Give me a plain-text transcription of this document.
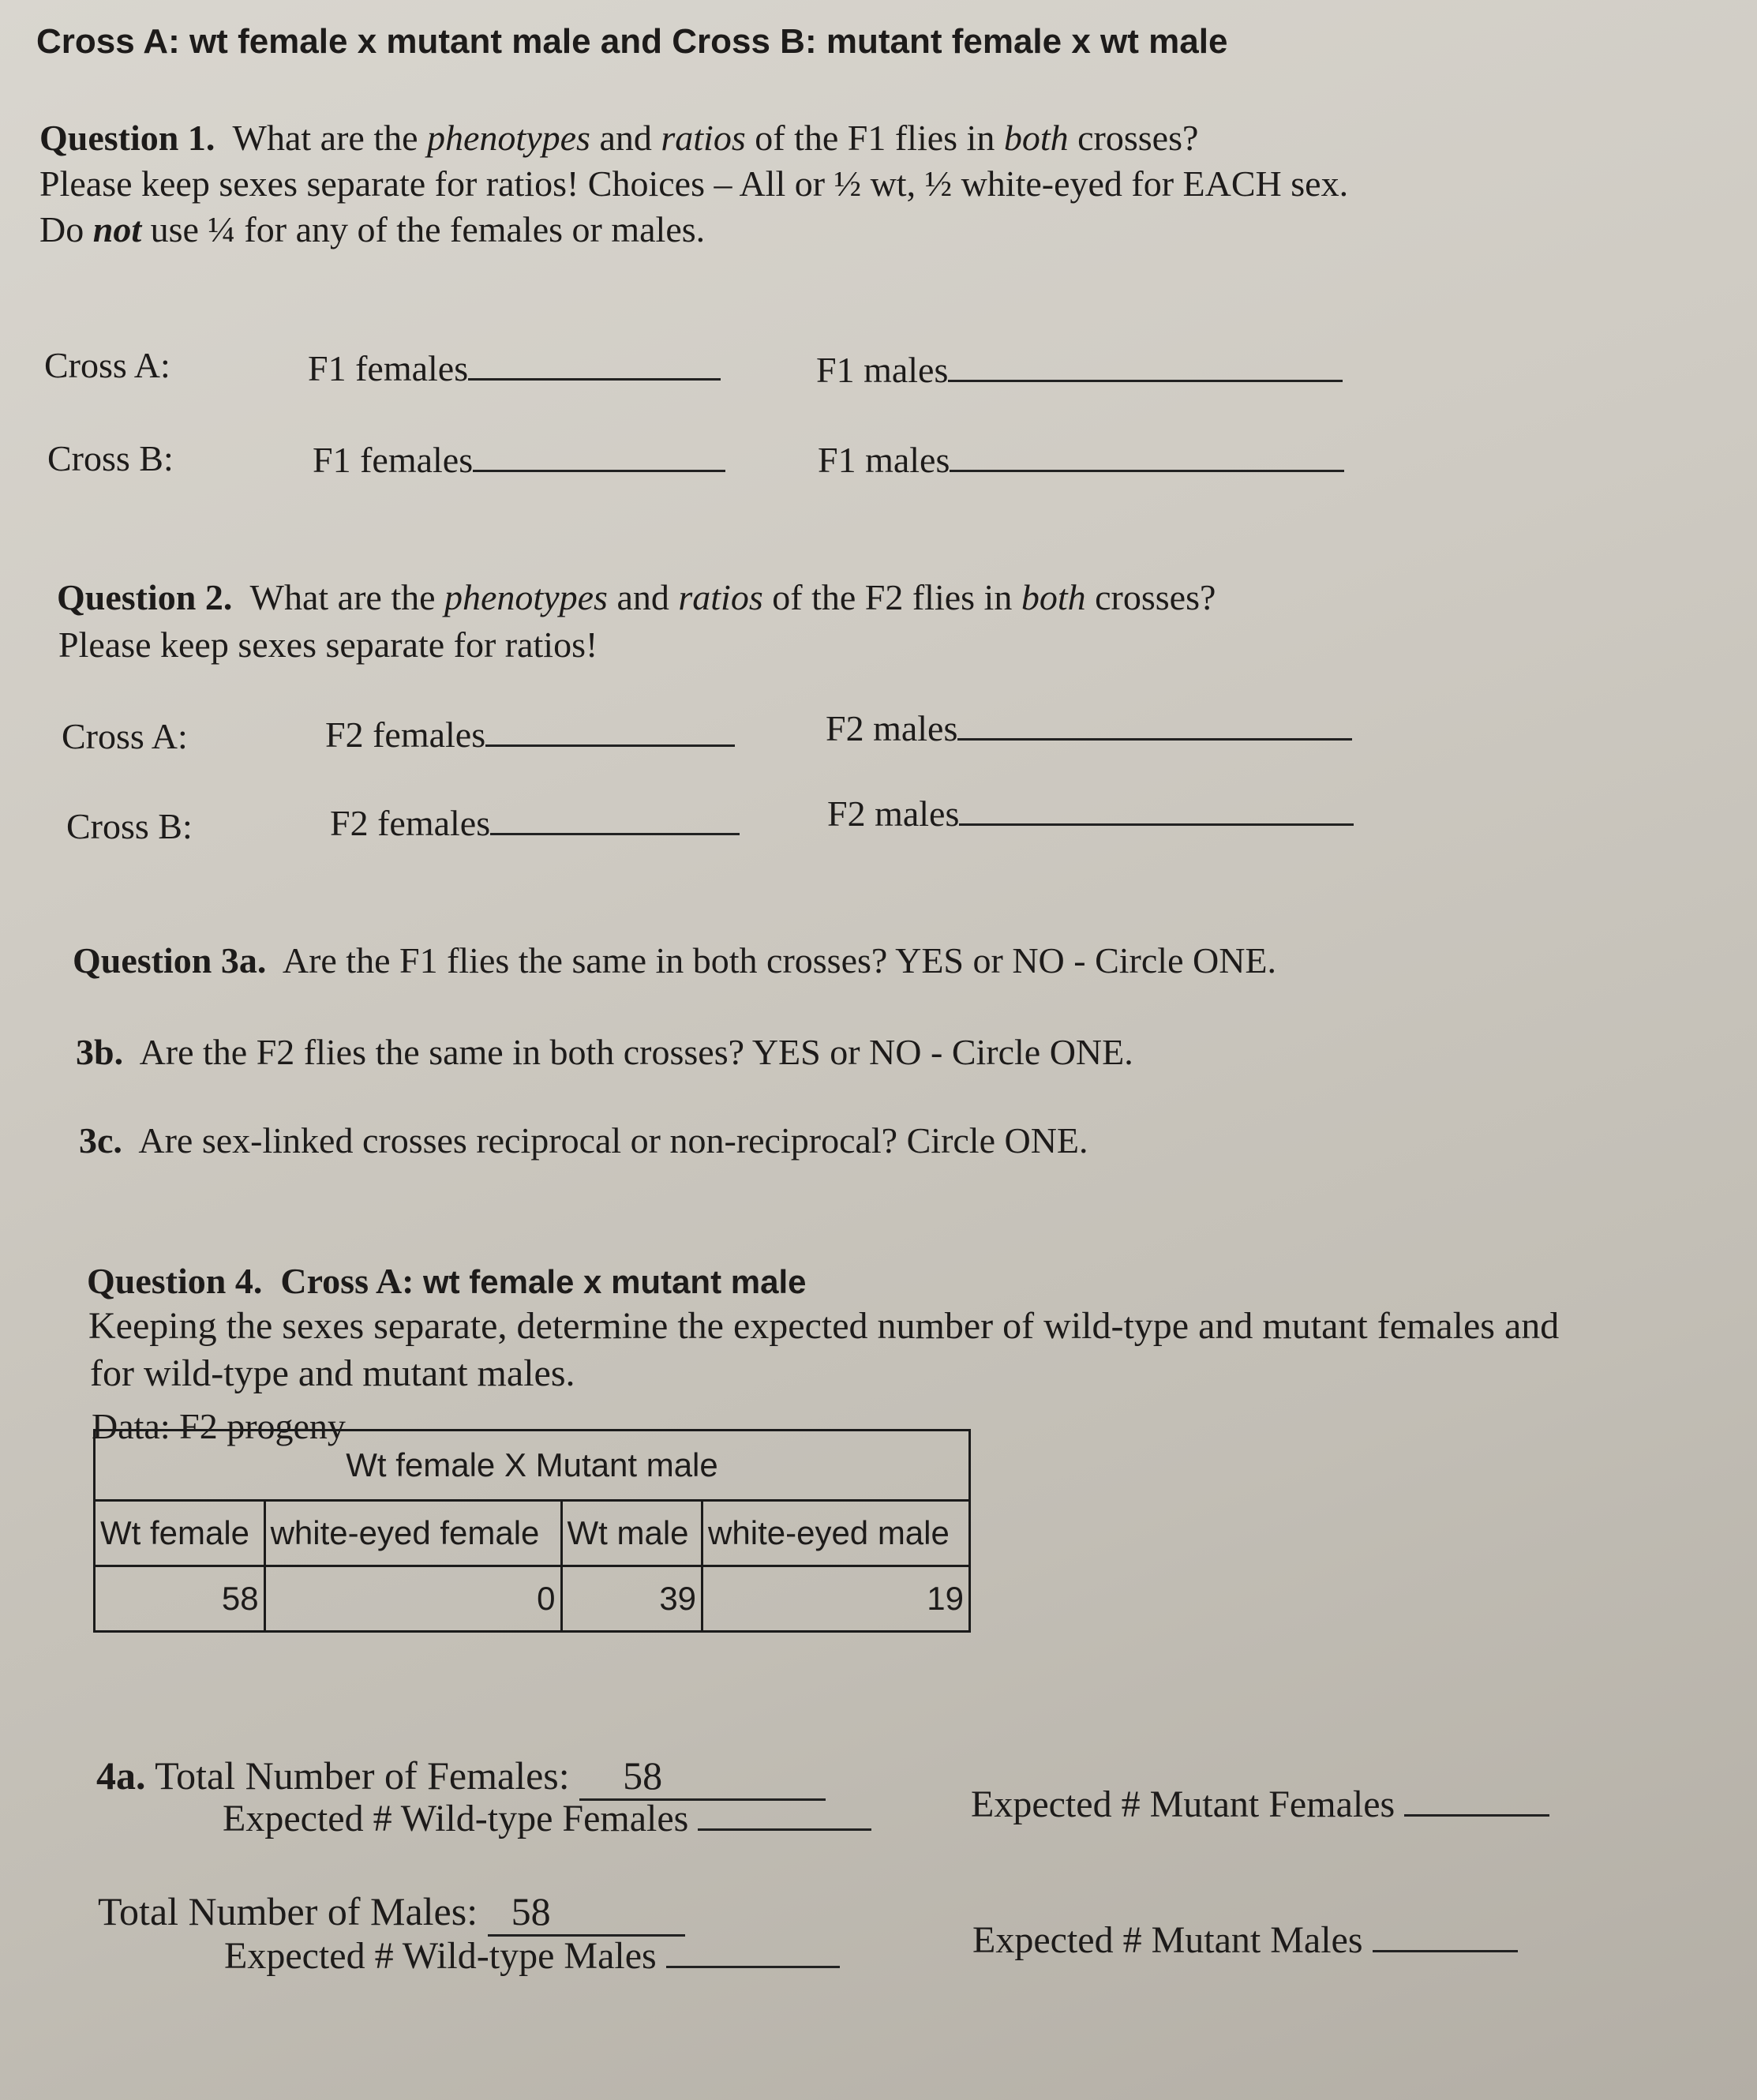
Cross A: wt female x mutant male and Cross B: mutant female x wt male
Question 1. What are the phenotypes and ratios of the F1 flies in both crosses?
Please keep sexes separate for ratios! Choices – All or ½ wt, ½ white-eyed for EACH sex.
Do not use ¼ for any of the females or males.
Cross A:	F1 females	F1 males
Cross B:	F1 females	F1 males
Question 2. What are the phenotypes and ratios of the F2 flies in both crosses?
Please keep sexes separate for ratios!
Cross A:	F2 females	F2 males
Cross B:	F2 females	F2 males
Question 3a. Are the F1 flies the same in both crosses? YES or NO - Circle ONE.
3b. Are the F2 flies the same in both crosses? YES or NO - Circle ONE.
3c. Are sex-linked crosses reciprocal or non-reciprocal? Circle ONE.
Question 4. Cross A: wt female x mutant male
Keeping the sexes separate, determine the expected number of wild-type and mutant females and
for wild-type and mutant males.
Data: F2 progeny
Wt female X Mutant male			
Wt female	white-eyed female	Wt male	white-eyed male
58	0	39	19
4a. Total Number of Females: 58
Expected # Wild-type Females	Expected # Mutant Females
Total Number of Males: 58
Expected # Wild-type Males	Expected # Mutant Males
